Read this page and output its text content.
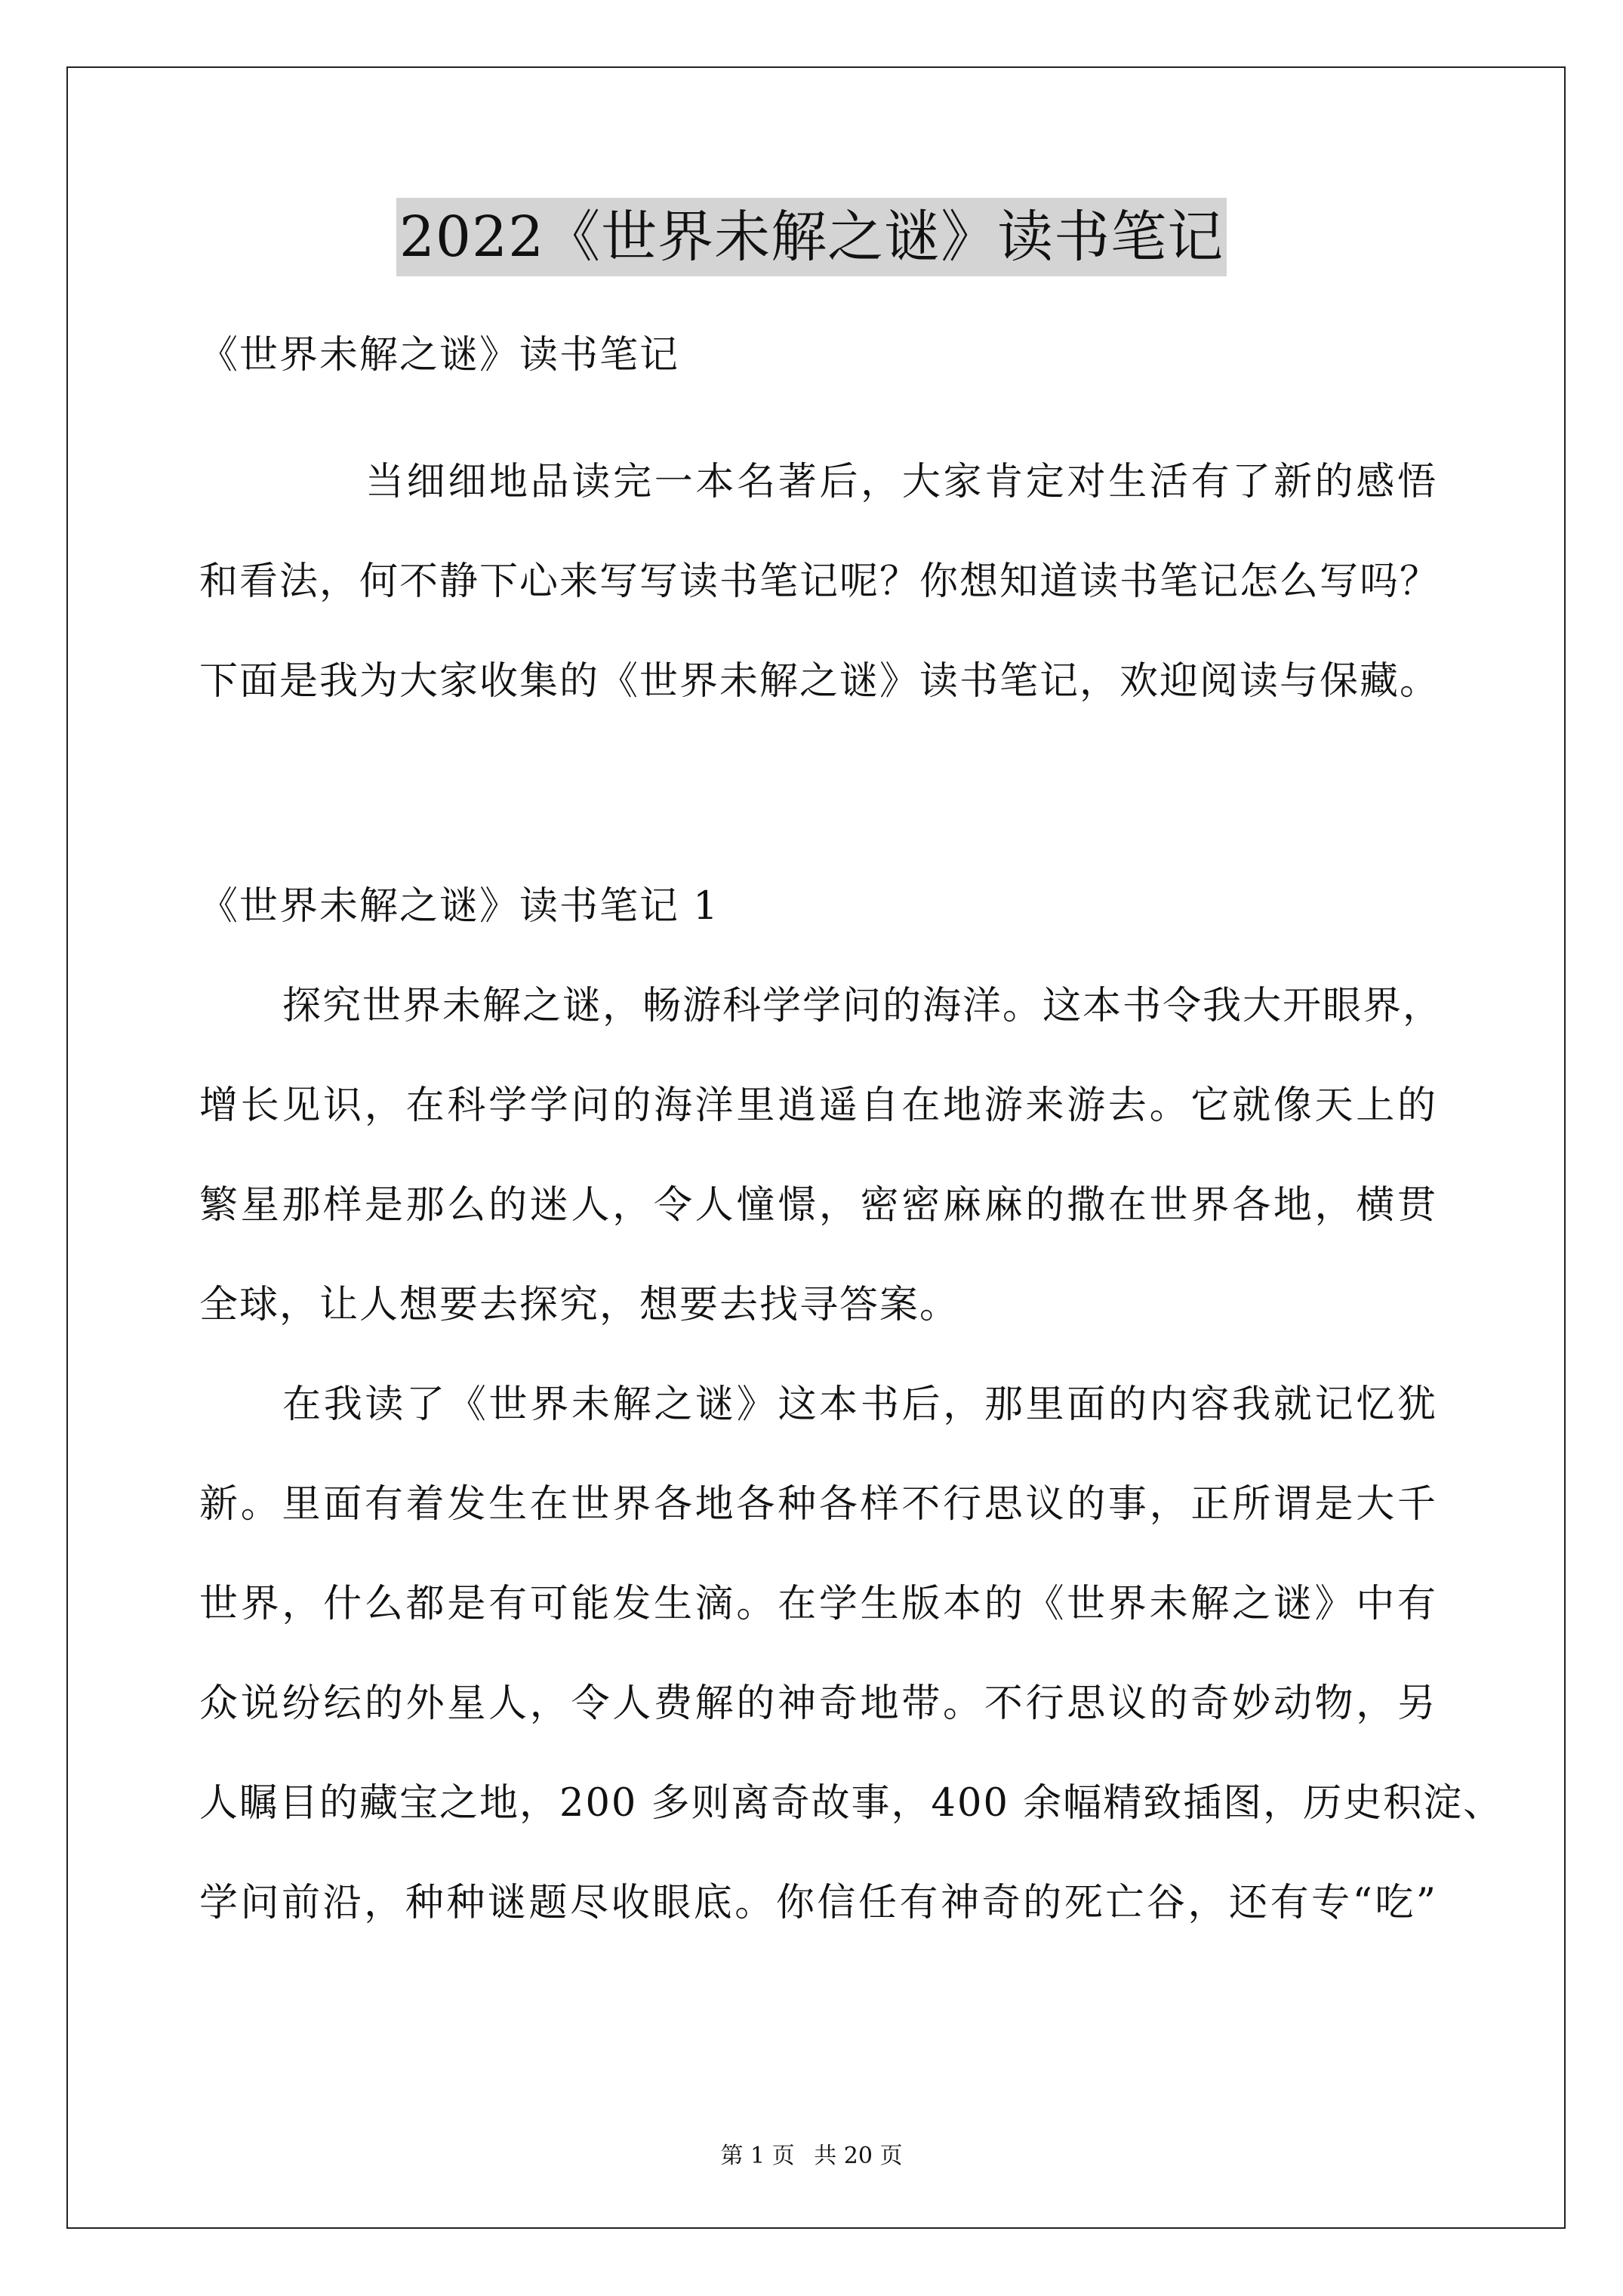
2022《世界未解之谜》读书笔记
《世界未解之谜》读书笔记
当细细地品读完一本名著后，大家肯定对生活有了新的感悟
和看法，何不静下心来写写读书笔记呢？你想知道读书笔记怎么写吗？
下面是我为大家收集的《世界未解之谜》读书笔记，欢迎阅读与保藏。
《世界未解之谜》读书笔记 1
探究世界未解之谜，畅游科学学问的海洋。这本书令我大开眼界，
增长见识，在科学学问的海洋里逍遥自在地游来游去。它就像天上的
繁星那样是那么的迷人，令人憧憬，密密麻麻的撒在世界各地，横贯
全球，让人想要去探究，想要去找寻答案。
在我读了《世界未解之谜》这本书后，那里面的内容我就记忆犹
新。里面有着发生在世界各地各种各样不行思议的事，正所谓是大千
世界，什么都是有可能发生滴。在学生版本的《世界未解之谜》中有
众说纷纭的外星人，令人费解的神奇地带。不行思议的奇妙动物，另
人瞩目的藏宝之地，200 多则离奇故事，400 余幅精致插图，历史积淀、
学问前沿，种种谜题尽收眼底。你信任有神奇的死亡谷，还有专“吃”
第 1 页 共 20 页
